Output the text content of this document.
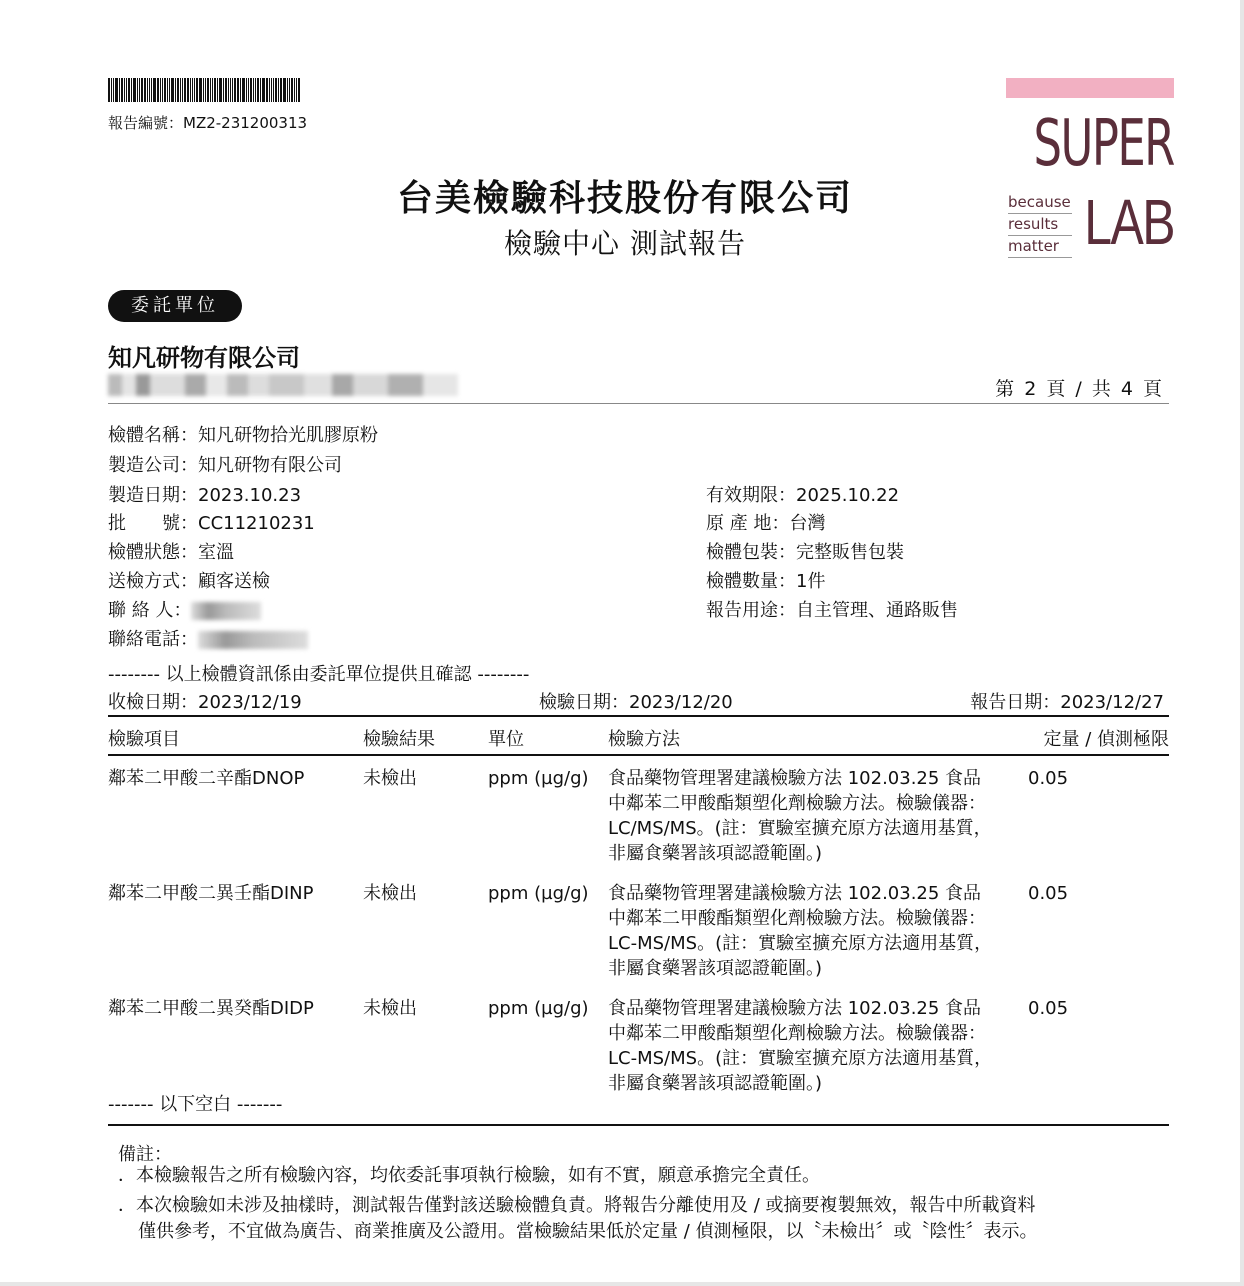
報告編號：MZ2-231200313
台美檢驗科技股份有限公司
檢驗中心 測試報告
SUPER
LAB
because
results
matter
委託單位
知凡研物有限公司
第 2 頁 / 共 4 頁
檢體名稱：知凡研物拾光肌膠原粉
製造公司：知凡研物有限公司
製造日期：2023.10.23
批　　號：CC11210231
檢體狀態：室溫
送檢方式：顧客送檢
聯 絡 人：
聯絡電話：
有效期限：2025.10.22
原 產 地：台灣
檢體包裝：完整販售包裝
檢體數量：1件
報告用途：自主管理、通路販售
-------- 以上檢體資訊係由委託單位提供且確認 --------
收檢日期：2023/12/19	檢驗日期：2023/12/20	報告日期：2023/12/27
檢驗項目	檢驗結果	單位	檢驗方法	定量 / 偵測極限
鄰苯二甲酸二辛酯DNOP	未檢出	ppm (µg/g)	食品藥物管理署建議檢驗方法 102.03.25 食品
中鄰苯二甲酸酯類塑化劑檢驗方法。檢驗儀器：
LC/MS/MS。(註：實驗室擴充原方法適用基質，
非屬食藥署該項認證範圍。)	0.05
鄰苯二甲酸二異壬酯DINP	未檢出	ppm (µg/g)	食品藥物管理署建議檢驗方法 102.03.25 食品
中鄰苯二甲酸酯類塑化劑檢驗方法。檢驗儀器：
LC-MS/MS。(註：實驗室擴充原方法適用基質，
非屬食藥署該項認證範圍。)	0.05
鄰苯二甲酸二異癸酯DIDP	未檢出	ppm (µg/g)	食品藥物管理署建議檢驗方法 102.03.25 食品
中鄰苯二甲酸酯類塑化劑檢驗方法。檢驗儀器：
LC-MS/MS。(註：實驗室擴充原方法適用基質，
非屬食藥署該項認證範圍。)	0.05
------- 以下空白 -------
備註：
．本檢驗報告之所有檢驗內容，均依委託事項執行檢驗，如有不實，願意承擔完全責任。
．本次檢驗如未涉及抽樣時，測試報告僅對該送驗檢體負責。將報告分離使用及 / 或摘要複製無效，報告中所載資料
僅供參考，不宜做為廣告、商業推廣及公證用。當檢驗結果低於定量 / 偵測極限，以〝未檢出〞或〝陰性〞表示。
